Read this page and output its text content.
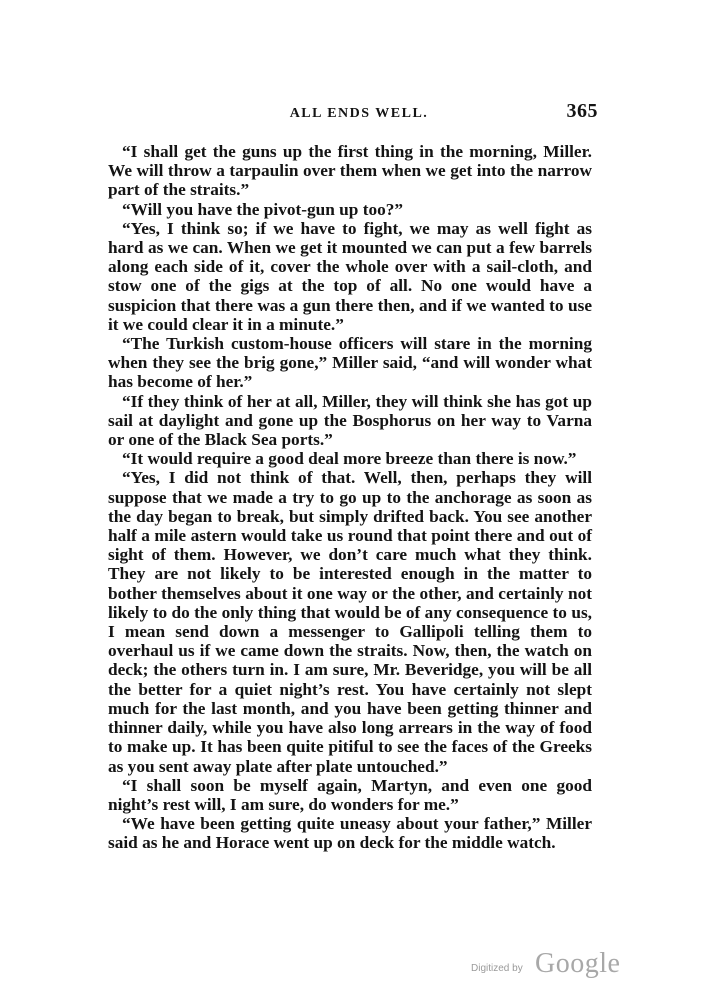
ALL ENDS WELL.	365

“I shall get the guns up the first thing in the morning, Miller. We will throw a tarpaulin over them when we get into the narrow part of the straits.”

“Will you have the pivot-gun up too?”

“Yes, I think so; if we have to fight, we may as well fight as hard as we can. When we get it mounted we can put a few barrels along each side of it, cover the whole over with a sail-cloth, and stow one of the gigs at the top of all. No one would have a suspicion that there was a gun there then, and if we wanted to use it we could clear it in a minute.”

“The Turkish custom-house officers will stare in the morning when they see the brig gone,” Miller said, “and will wonder what has become of her.”

“If they think of her at all, Miller, they will think she has got up sail at daylight and gone up the Bosphorus on her way to Varna or one of the Black Sea ports.”

“It would require a good deal more breeze than there is now.”

“Yes, I did not think of that. Well, then, perhaps they will suppose that we made a try to go up to the anchorage as soon as the day began to break, but simply drifted back. You see another half a mile astern would take us round that point there and out of sight of them. However, we don’t care much what they think. They are not likely to be interested enough in the matter to bother themselves about it one way or the other, and certainly not likely to do the only thing that would be of any consequence to us, I mean send down a messenger to Gallipoli telling them to overhaul us if we came down the straits. Now, then, the watch on deck; the others turn in. I am sure, Mr. Beveridge, you will be all the better for a quiet night’s rest. You have certainly not slept much for the last month, and you have been getting thinner and thinner daily, while you have also long arrears in the way of food to make up. It has been quite pitiful to see the faces of the Greeks as you sent away plate after plate untouched.”

“I shall soon be myself again, Martyn, and even one good night’s rest will, I am sure, do wonders for me.”

“We have been getting quite uneasy about your father,” Miller said as he and Horace went up on deck for the middle watch.

Digitized by Google
